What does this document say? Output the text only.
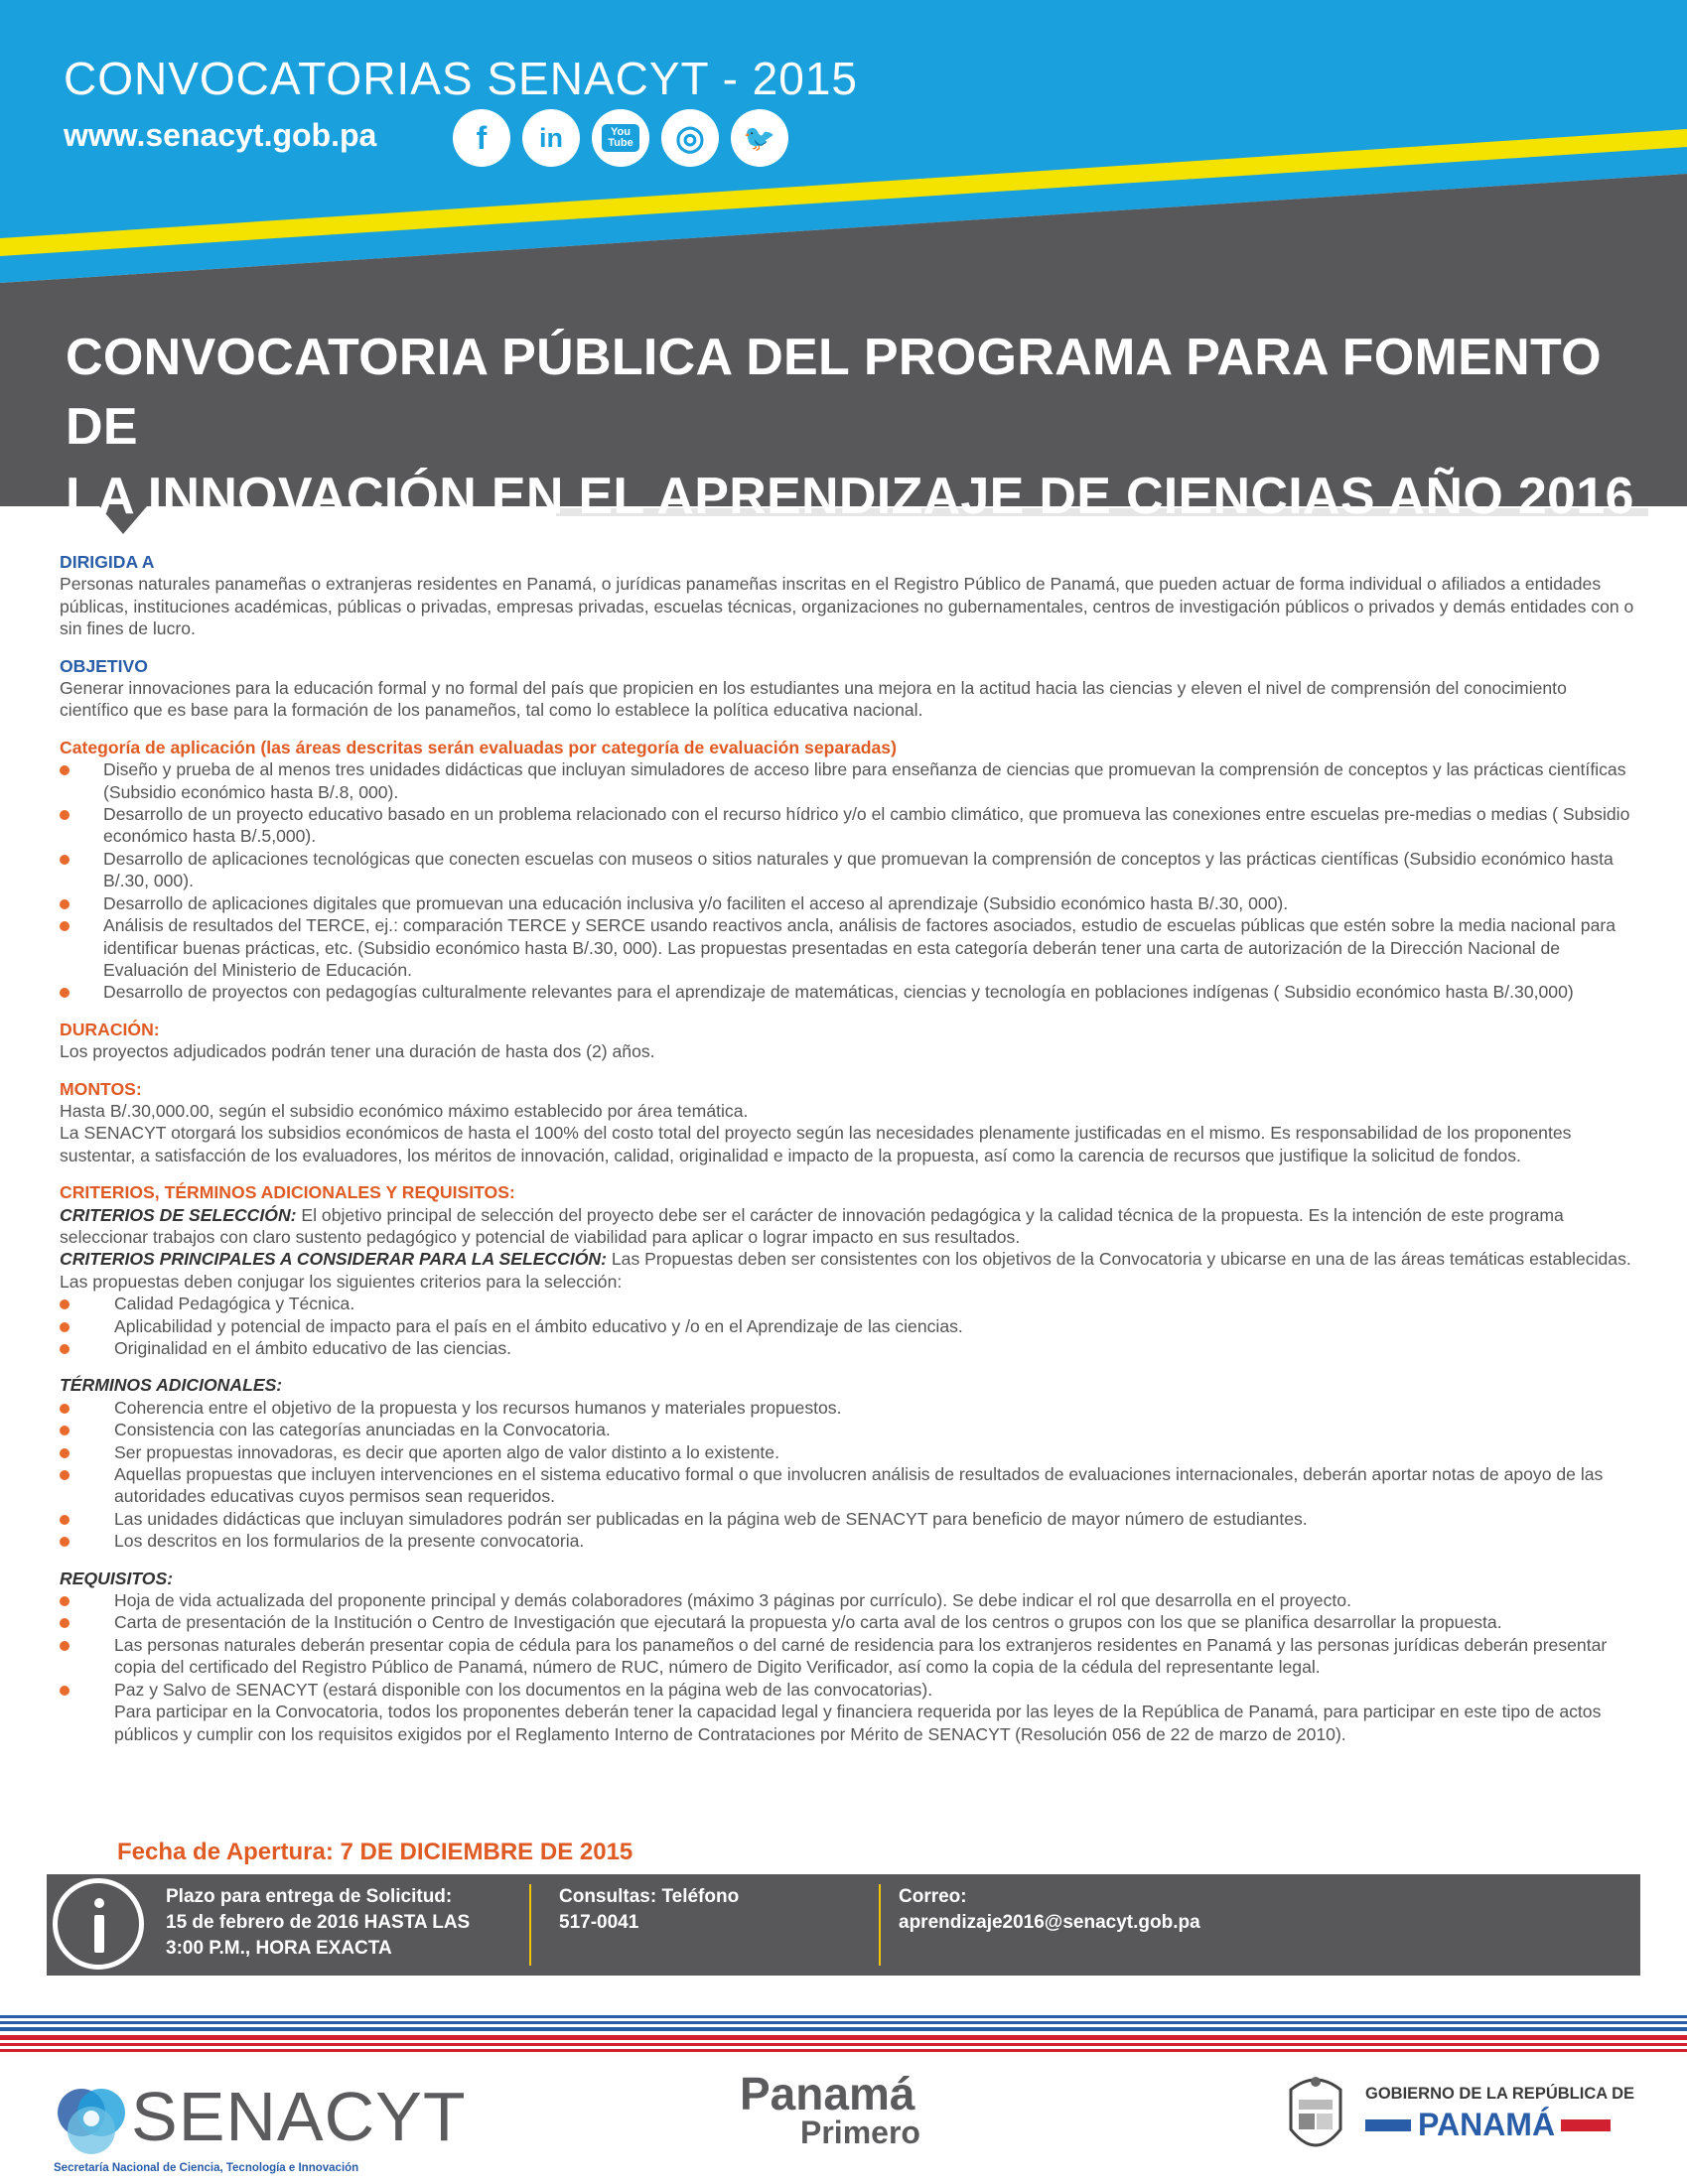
CONVOCATORIAS SENACYT - 2015
www.senacyt.gob.pa	f in	You Tube ◎ 🐦
CONVOCATORIA PÚBLICA DEL PROGRAMA PARA FOMENTO DE
LA INNOVACIÓN EN EL APRENDIZAJE DE CIENCIAS AÑO 2016

DIRIGIDA A

Personas naturales panameñas o extranjeras residentes en Panamá, o jurídicas panameñas inscritas en el Registro Público de Panamá, que pueden actuar de forma individual o afiliados a entidades públicas, instituciones académicas, públicas o privadas, empresas privadas, escuelas técnicas, organizaciones no gubernamentales, centros de investigación públicos o privados y demás entidades con o sin fines de lucro.

OBJETIVO

Generar innovaciones para la educación formal y no formal del país que propicien en los estudiantes una mejora en la actitud hacia las ciencias y eleven el nivel de comprensión del conocimiento científico que es base para la formación de los panameños, tal como lo establece la política educativa nacional.

Categoría de aplicación (las áreas descritas serán evaluadas por categoría de evaluación separadas)

Diseño y prueba de al menos tres unidades didácticas que incluyan simuladores de acceso libre para enseñanza de ciencias que promuevan la comprensión de conceptos y las prácticas científicas (Subsidio económico hasta B/.8, 000).
Desarrollo de un proyecto educativo basado en un problema relacionado con el recurso hídrico y/o el cambio climático, que promueva las conexiones entre escuelas pre-medias o medias ( Subsidio económico hasta B/.5,000).
Desarrollo de aplicaciones tecnológicas que conecten escuelas con museos o sitios naturales y que promuevan la comprensión de conceptos y las prácticas científicas (Subsidio económico hasta B/.30, 000).
Desarrollo de aplicaciones digitales que promuevan una educación inclusiva y/o faciliten el acceso al aprendizaje (Subsidio económico hasta B/.30, 000).
Análisis de resultados del TERCE, ej.: comparación TERCE y SERCE usando reactivos ancla, análisis de factores asociados, estudio de escuelas públicas que estén sobre la media nacional para identificar buenas prácticas, etc. (Subsidio económico hasta B/.30, 000). Las propuestas presentadas en esta categoría deberán tener una carta de autorización de la Dirección Nacional de Evaluación del Ministerio de Educación.
Desarrollo de proyectos con pedagogías culturalmente relevantes para el aprendizaje de matemáticas, ciencias y tecnología en poblaciones indígenas ( Subsidio económico hasta B/.30,000)

DURACIÓN:

Los proyectos adjudicados podrán tener una duración de hasta dos (2) años.

MONTOS:

Hasta B/.30,000.00, según el subsidio económico máximo establecido por área temática.

La SENACYT otorgará los subsidios económicos de hasta el 100% del costo total del proyecto según las necesidades plenamente justificadas en el mismo. Es responsabilidad de los proponentes sustentar, a satisfacción de los evaluadores, los méritos de innovación, calidad, originalidad e impacto de la propuesta, así como la carencia de recursos que justifique la solicitud de fondos.

CRITERIOS, TÉRMINOS ADICIONALES Y REQUISITOS:

CRITERIOS DE SELECCIÓN: El objetivo principal de selección del proyecto debe ser el carácter de innovación pedagógica y la calidad técnica de la propuesta. Es la intención de este programa seleccionar trabajos con claro sustento pedagógico y potencial de viabilidad para aplicar o lograr impacto en sus resultados.

CRITERIOS PRINCIPALES A CONSIDERAR PARA LA SELECCIÓN: Las Propuestas deben ser consistentes con los objetivos de la Convocatoria y ubicarse en una de las áreas temáticas establecidas. Las propuestas deben conjugar los siguientes criterios para la selección:

Calidad Pedagógica y Técnica.
Aplicabilidad y potencial de impacto para el país en el ámbito educativo y /o en el Aprendizaje de las ciencias.
Originalidad en el ámbito educativo de las ciencias.

TÉRMINOS ADICIONALES:

Coherencia entre el objetivo de la propuesta y los recursos humanos y materiales propuestos.
Consistencia con las categorías anunciadas en la Convocatoria.
Ser propuestas innovadoras, es decir que aporten algo de valor distinto a lo existente.
Aquellas propuestas que incluyen intervenciones en el sistema educativo formal o que involucren análisis de resultados de evaluaciones internacionales, deberán aportar notas de apoyo de las autoridades educativas cuyos permisos sean requeridos.
Las unidades didácticas que incluyan simuladores podrán ser publicadas en la página web de SENACYT para beneficio de mayor número de estudiantes.
Los descritos en los formularios de la presente convocatoria.

REQUISITOS:

Hoja de vida actualizada del proponente principal y demás colaboradores (máximo 3 páginas por currículo). Se debe indicar el rol que desarrolla en el proyecto.
Carta de presentación de la Institución o Centro de Investigación que ejecutará la propuesta y/o carta aval de los centros o grupos con los que se planifica desarrollar la propuesta.
Las personas naturales deberán presentar copia de cédula para los panameños o del carné de residencia para los extranjeros residentes en Panamá y las personas jurídicas deberán presentar copia del certificado del Registro Público de Panamá, número de RUC, número de Digito Verificador, así como la copia de la cédula del representante legal.
Paz y Salvo de SENACYT (estará disponible con los documentos en la página web de las convocatorias).

Para participar en la Convocatoria, todos los proponentes deberán tener la capacidad legal y financiera requerida por las leyes de la República de Panamá, para participar en este tipo de actos públicos y cumplir con los requisitos exigidos por el Reglamento Interno de Contrataciones por Mérito de SENACYT (Resolución 056 de 22 de marzo de 2010).

Fecha de Apertura: 7 DE DICIEMBRE DE 2015
Plazo para entrega de Solicitud:
15 de febrero de 2016 HASTA LAS
3:00 P.M., HORA EXACTA
Consultas: Teléfono
517-0041
Correo:
aprendizaje2016@senacyt.gob.pa
SENACYT
Secretaría Nacional de Ciencia, Tecnología e Innovación
Panamá
Primero
GOBIERNO DE LA REPÚBLICA DE
PANAMÁ
